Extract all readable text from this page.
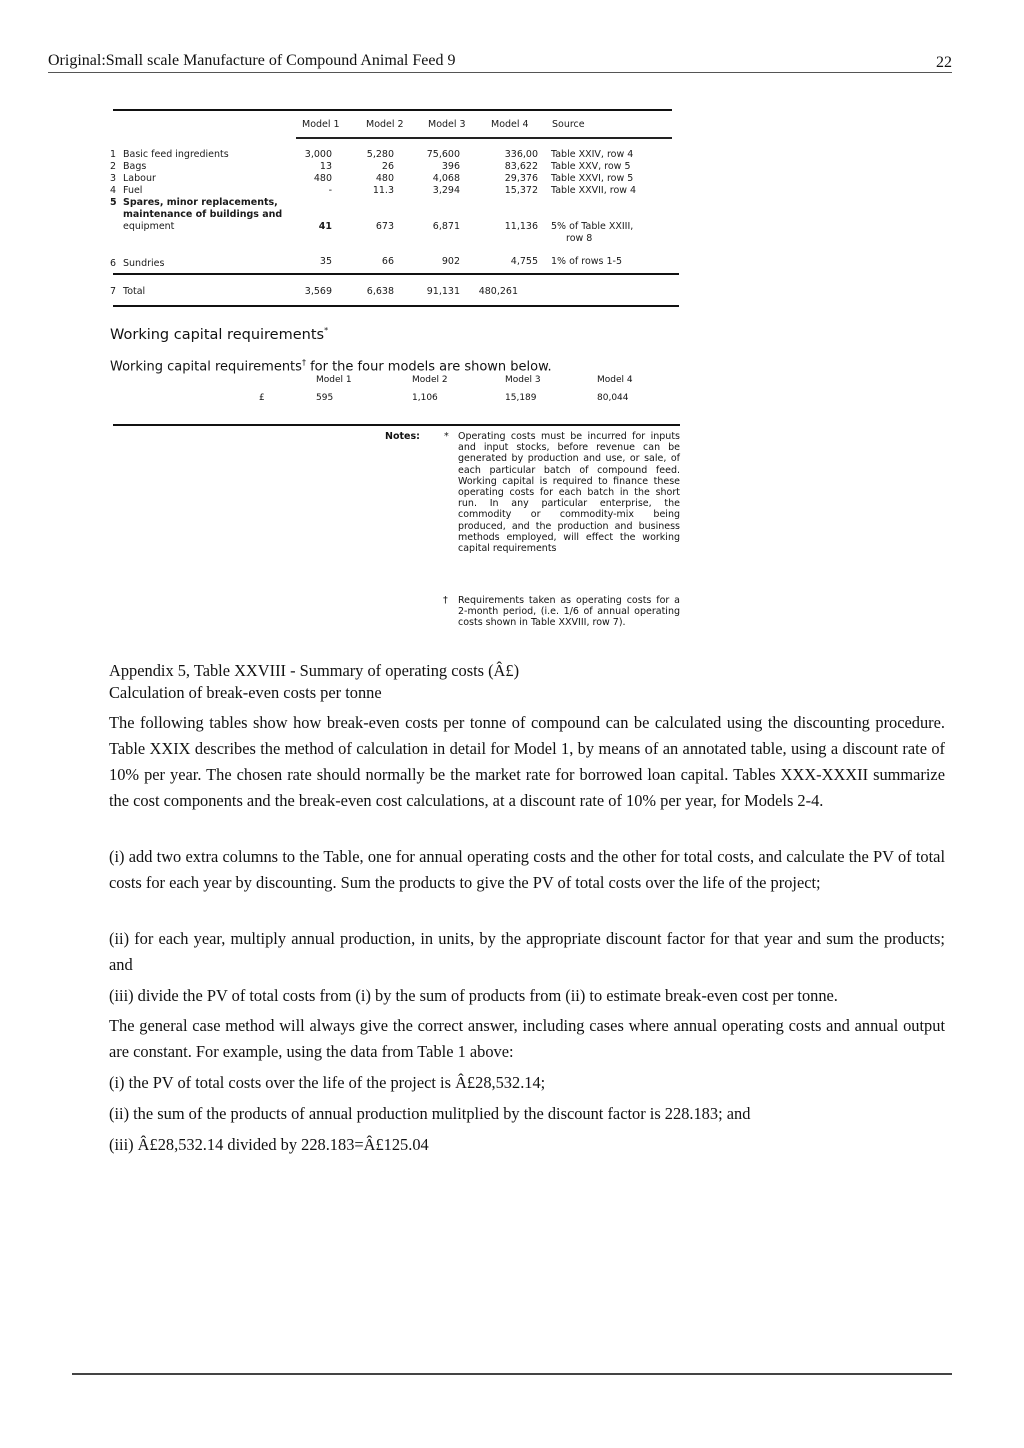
Original:Small scale Manufacture of Compound Animal Feed 9	22
Model 1	Model 2	Model 3	Model 4 Source
1 Basic feed ingredients	3,000	5,280	75,600	336,00 Table XXIV, row 4
2 Bags	13	26	396	83,622 Table XXV, row 5
3 Labour	480	480	4,068	29,376 Table XXVI, row 5
4 Fuel	-	11.3	3,294	15,372 Table XXVII, row 4
5 Spares, minor replacements,
maintenance of buildings and
equipment	41	673	6,871	11,136 5% of Table XXIII,
row 8
6 Sundries	35	66	902	4,755 1% of rows 1-5
7 Total	3,569	6,638	91,131	480,261
Working capital requirements*
Working capital requirements† for the four models are shown below.
Model 1	Model 2	Model 3	Model 4
£	595	1,106	15,189	80,044
Notes:	* Operating costs must be incurred for inputs and input stocks, before revenue can be generated by production and use, or sale, of each particular batch of compound feed. Working capital is required to finance these operating costs for each batch in the short run. In any particular enterprise, the commodity or commodity-mix being produced, and the production and business methods employed, will effect the working capital requirements
† Requirements taken as operating costs for a 2-month period, (i.e. 1/6 of annual operating costs shown in Table XXVIII, row 7).
Appendix 5, Table XXVIII - Summary of operating costs (Â£)
Calculation of break-even costs per tonne

The following tables show how break-even costs per tonne of compound can be calculated using the discounting procedure. Table XXIX describes the method of calculation in detail for Model 1, by means of an annotated table, using a discount rate of 10% per year. The chosen rate should normally be the market rate for borrowed loan capital. Tables XXX-XXXII summarize the cost components and the break-even cost calculations, at a discount rate of 10% per year, for Models 2-4.

(i) add two extra columns to the Table, one for annual operating costs and the other for total costs, and calculate the PV of total costs for each year by discounting. Sum the products to give the PV of total costs over the life of the project;

(ii) for each year, multiply annual production, in units, by the appropriate discount factor for that year and sum the products; and

(iii) divide the PV of total costs from (i) by the sum of products from (ii) to estimate break-even cost per tonne.

The general case method will always give the correct answer, including cases where annual operating costs and annual output are constant. For example, using the data from Table 1 above:

(i) the PV of total costs over the life of the project is Â£28,532.14;

(ii) the sum of the products of annual production mulitplied by the discount factor is 228.183; and

(iii) Â£28,532.14 divided by 228.183=Â£125.04
